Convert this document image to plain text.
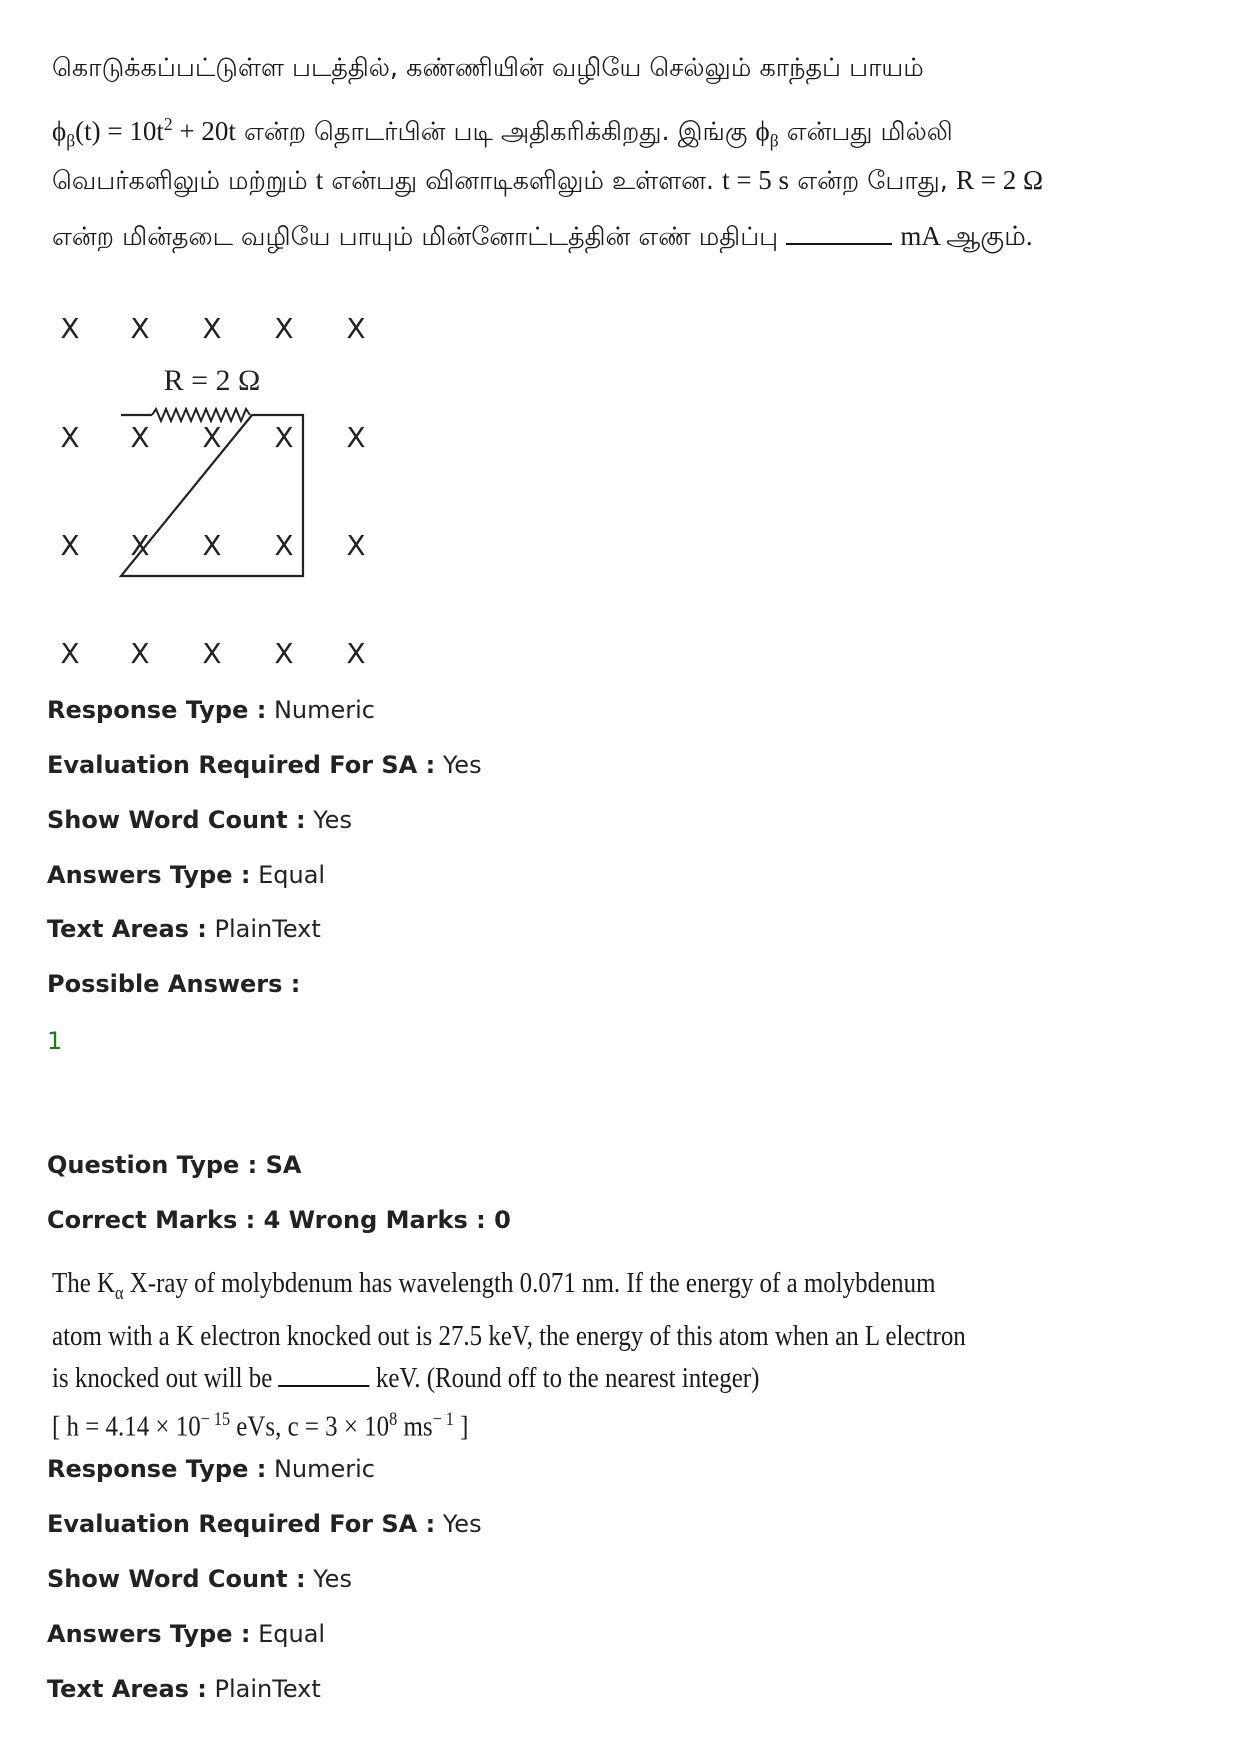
கொடுக்கப்பட்டுள்ள படத்தில், கண்ணியின் வழியே செல்லும் காந்தப் பாயம்
$\phi_\beta(t) = 10t^2 + 20t$ என்ற தொடர்பின் படி அதிகரிக்கிறது. இங்கு $\phi_\beta$ என்பது மில்லி
வெபர்களிலும் மற்றும் t என்பது வினாடிகளிலும் உள்ளன. t = 5 s என்ற போது, R = 2 Ω
என்ற மின்தடை வழியே பாயும் மின்னோட்டத்தின் எண் மதிப்பு	mA ஆகும்.
X X X X X
X X X X X
X X X X X
X X X X X
R = 2 Ω
Response Type : Numeric
Evaluation Required For SA : Yes
Show Word Count : Yes
Answers Type : Equal
Text Areas : PlainText
Possible Answers :
1
Question Type : SA
Correct Marks : 4 Wrong Marks : 0
The $K_\alpha$ X-ray of molybdenum has wavelength 0.071 nm. If the energy of a molybdenum
atom with a K electron knocked out is 27.5 keV, the energy of this atom when an L electron
is knocked out will be	keV. (Round off to the nearest integer)
[ $h = 4.14 \times 10^{- 15}$ eVs, $c = 3 \times 10^8$ $ms^{- 1}$ ]
Response Type : Numeric
Evaluation Required For SA : Yes
Show Word Count : Yes
Answers Type : Equal
Text Areas : PlainText
